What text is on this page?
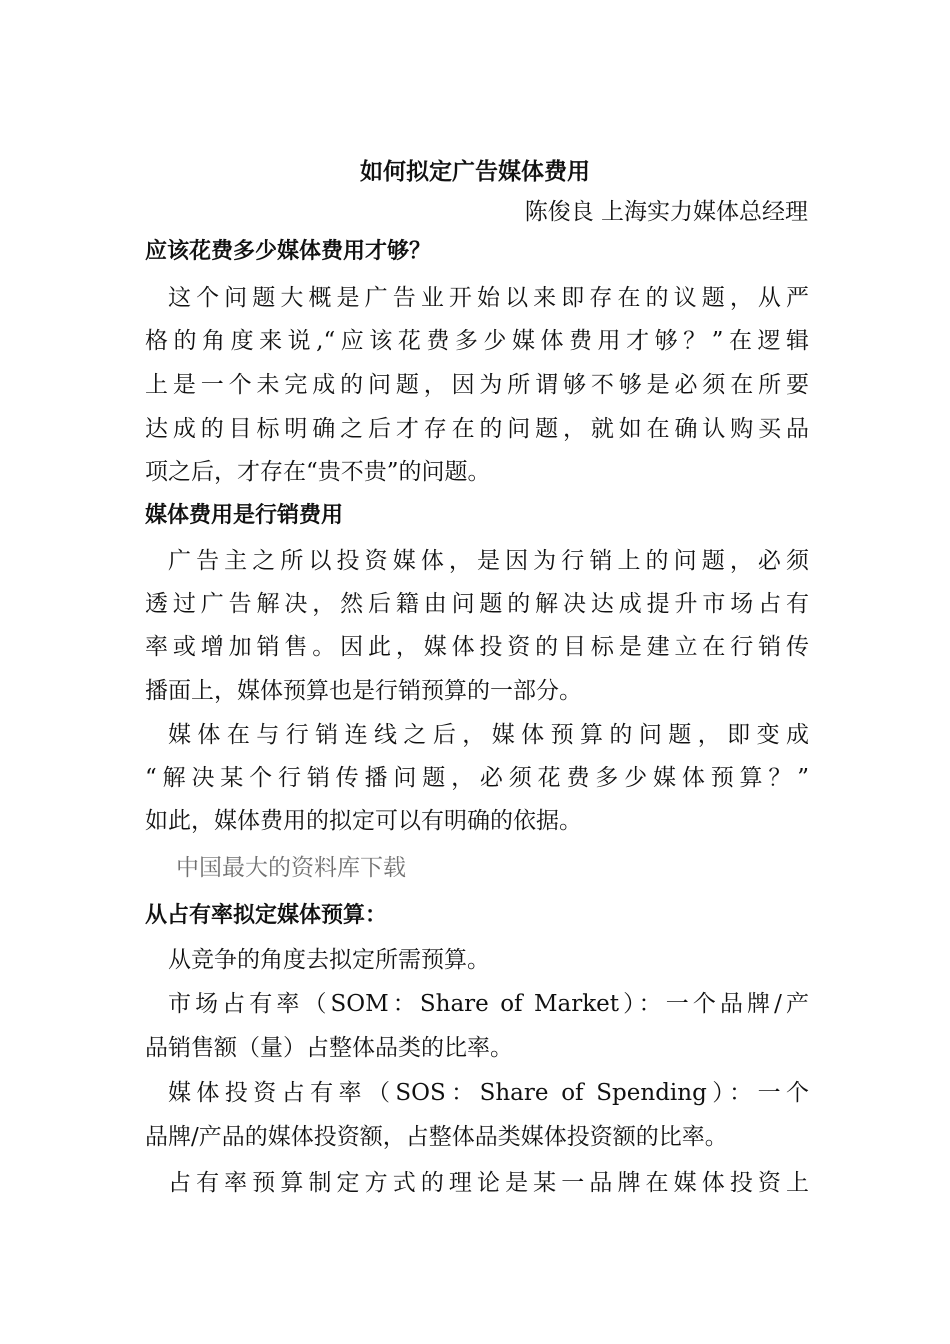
如何拟定广告媒体费用
陈俊良 上海实力媒体总经理
应该花费多少媒体费用才够？
这个问题大概是广告业开始以来即存在的议题，从严
格的角度来说,“应该花费多少媒体费用才够？”在逻辑
上是一个未完成的问题，因为所谓够不够是必须在所要
达成的目标明确之后才存在的问题，就如在确认购买品
项之后，才存在“贵不贵”的问题。
媒体费用是行销费用
广告主之所以投资媒体，是因为行销上的问题，必须
透过广告解决，然后籍由问题的解决达成提升市场占有
率或增加销售。因此，媒体投资的目标是建立在行销传
播面上，媒体预算也是行销预算的一部分。
媒体在与行销连线之后，媒体预算的问题，即变成
“解决某个行销传播问题，必须花费多少媒体预算？”
如此，媒体费用的拟定可以有明确的依据。
中国最大的资料库下载
从占有率拟定媒体预算：
从竞争的角度去拟定所需预算。
市场占有率（SOM：Share of Market）：一个品牌/产
品销售额（量）占整体品类的比率。
媒体投资占有率（SOS：Share of Spending）：一个
品牌/产品的媒体投资额，占整体品类媒体投资额的比率。
占有率预算制定方式的理论是某一品牌在媒体投资上
